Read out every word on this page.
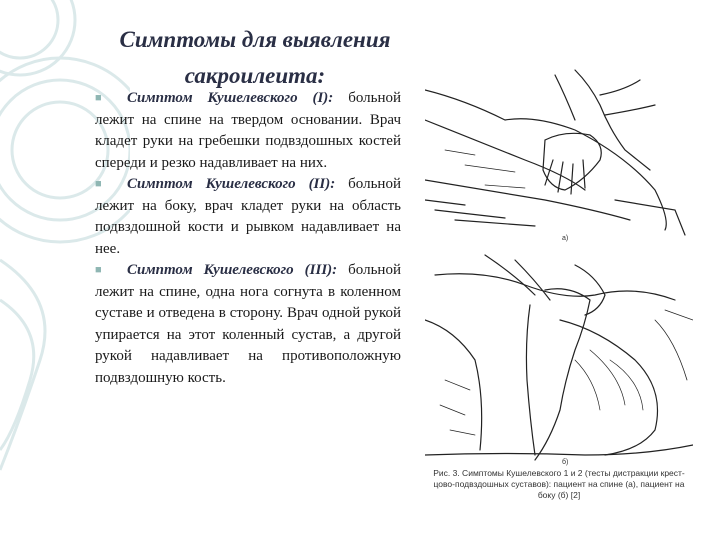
Симптомы для выявления сакроилеита:

■ Симптом Кушелевского (I): больной лежит на спине на твердом основании. Врач кладет руки на гребешки подвздошных костей спереди и резко надавливает на них.

■ Симптом Кушелевского (II): больной лежит на боку, врач кладет руки на область подвздошной кости и рывком надавливает на нее.

■ Симптом Кушелевского (III): больной лежит на спине, одна нога согнута в коленном суставе и отведена в сторону. Врач одной рукой упирается на этот коленный сустав, а другой рукой надавливает на противоположную подвздошную кость.

а)
б)
Рис. 3. Симптомы Кушелевского 1 и 2 (тесты дистракции крест- цово-подвздошных суставов): пациент на спине (а), пациент на боку (б) [2]
